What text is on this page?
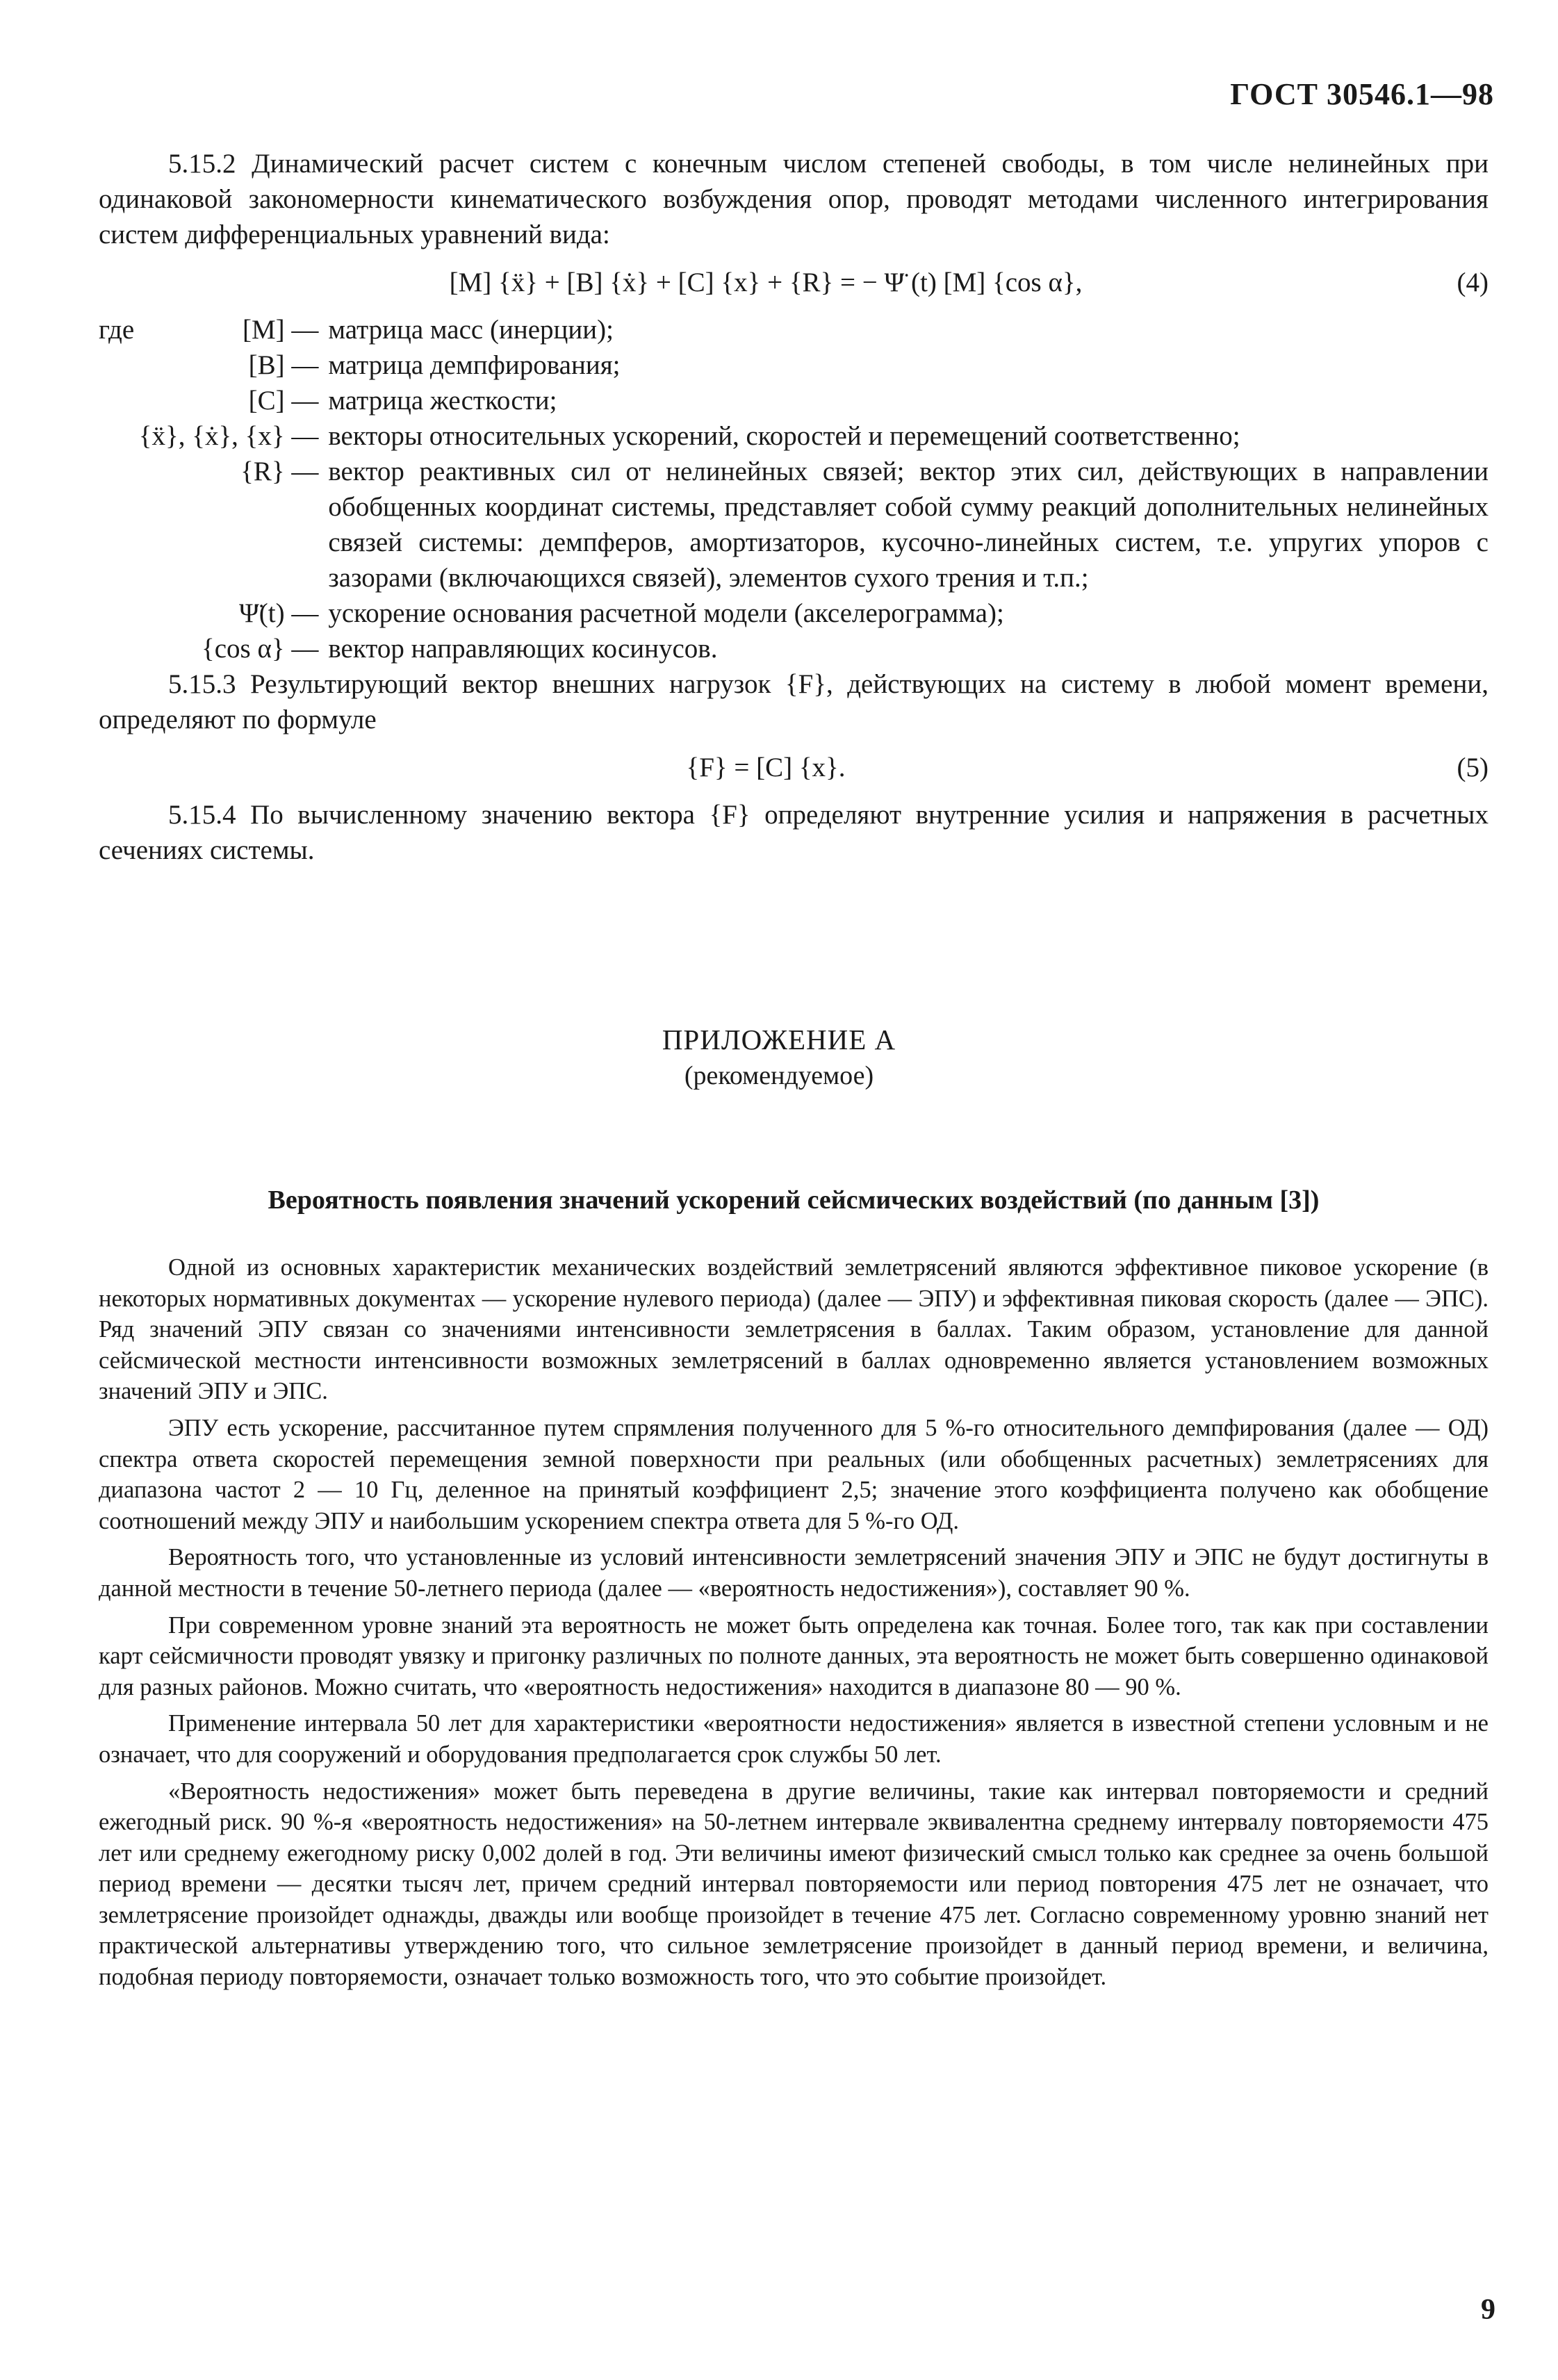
ГОСТ 30546.1—98

5.15.2 Динамический расчет систем с конечным числом степеней свободы, в том числе нелинейных при одинаковой закономерности кинематического возбуждения опор, проводят методами численного интегрирования систем дифференциальных уравнений вида:

[M] {ẍ} + [B] {ẋ} + [C] {x} + {R} = − Ψ̈ (t) [M] {cos α},	(4)
где	[M] —	матрица масс (инерции);
	[B] —	матрица демпфирования;
	[C] —	матрица жесткости;
{ẍ}, {ẋ}, {x} —		векторы относительных ускорений, скоростей и перемещений соответственно;
	{R} —	вектор реактивных сил от нелинейных связей; вектор этих сил, действующих в направлении обобщенных координат системы, представляет собой сумму реакций дополнительных нелинейных связей системы: демпферов, амортизаторов, кусочно-линейных систем, т.е. упругих упоров с зазорами (включающихся связей), элементов сухого трения и т.п.;
	Ψ̈(t) —	ускорение основания расчетной модели (акселерограмма);
	{cos α} —	вектор направляющих косинусов.

5.15.3 Результирующий вектор внешних нагрузок {F}, действующих на систему в любой момент времени, определяют по формуле

{F} = [C] {x}.	(5)

5.15.4 По вычисленному значению вектора {F} определяют внутренние усилия и напряжения в расчетных сечениях системы.

ПРИЛОЖЕНИЕ А
(рекомендуемое)
Вероятность появления значений ускорений сейсмических воздействий (по данным [3])

Одной из основных характеристик механических воздействий землетрясений являются эффективное пиковое ускорение (в некоторых нормативных документах — ускорение нулевого периода) (далее — ЭПУ) и эффективная пиковая скорость (далее — ЭПС). Ряд значений ЭПУ связан со значениями интенсивности землетрясения в баллах. Таким образом, установление для данной сейсмической местности интенсивности возможных землетрясений в баллах одновременно является установлением возможных значений ЭПУ и ЭПС.

ЭПУ есть ускорение, рассчитанное путем спрямления полученного для 5 %-го относительного демпфирования (далее — ОД) спектра ответа скоростей перемещения земной поверхности при реальных (или обобщенных расчетных) землетрясениях для диапазона частот 2 — 10 Гц, деленное на принятый коэффициент 2,5; значение этого коэффициента получено как обобщение соотношений между ЭПУ и наибольшим ускорением спектра ответа для 5 %-го ОД.

Вероятность того, что установленные из условий интенсивности землетрясений значения ЭПУ и ЭПС не будут достигнуты в данной местности в течение 50-летнего периода (далее — «вероятность недостижения»), составляет 90 %.

При современном уровне знаний эта вероятность не может быть определена как точная. Более того, так как при составлении карт сейсмичности проводят увязку и пригонку различных по полноте данных, эта вероятность не может быть совершенно одинаковой для разных районов. Можно считать, что «вероятность недостижения» находится в диапазоне 80 — 90 %.

Применение интервала 50 лет для характеристики «вероятности недостижения» является в известной степени условным и не означает, что для сооружений и оборудования предполагается срок службы 50 лет.

«Вероятность недостижения» может быть переведена в другие величины, такие как интервал повторяемости и средний ежегодный риск. 90 %-я «вероятность недостижения» на 50-летнем интервале эквивалентна среднему интервалу повторяемости 475 лет или среднему ежегодному риску 0,002 долей в год. Эти величины имеют физический смысл только как среднее за очень большой период времени — десятки тысяч лет, причем средний интервал повторяемости или период повторения 475 лет не означает, что землетрясение произойдет однажды, дважды или вообще произойдет в течение 475 лет. Согласно современному уровню знаний нет практической альтернативы утверждению того, что сильное землетрясение произойдет в данный период времени, и величина, подобная периоду повторяемости, означает только возможность того, что это событие произойдет.

9
